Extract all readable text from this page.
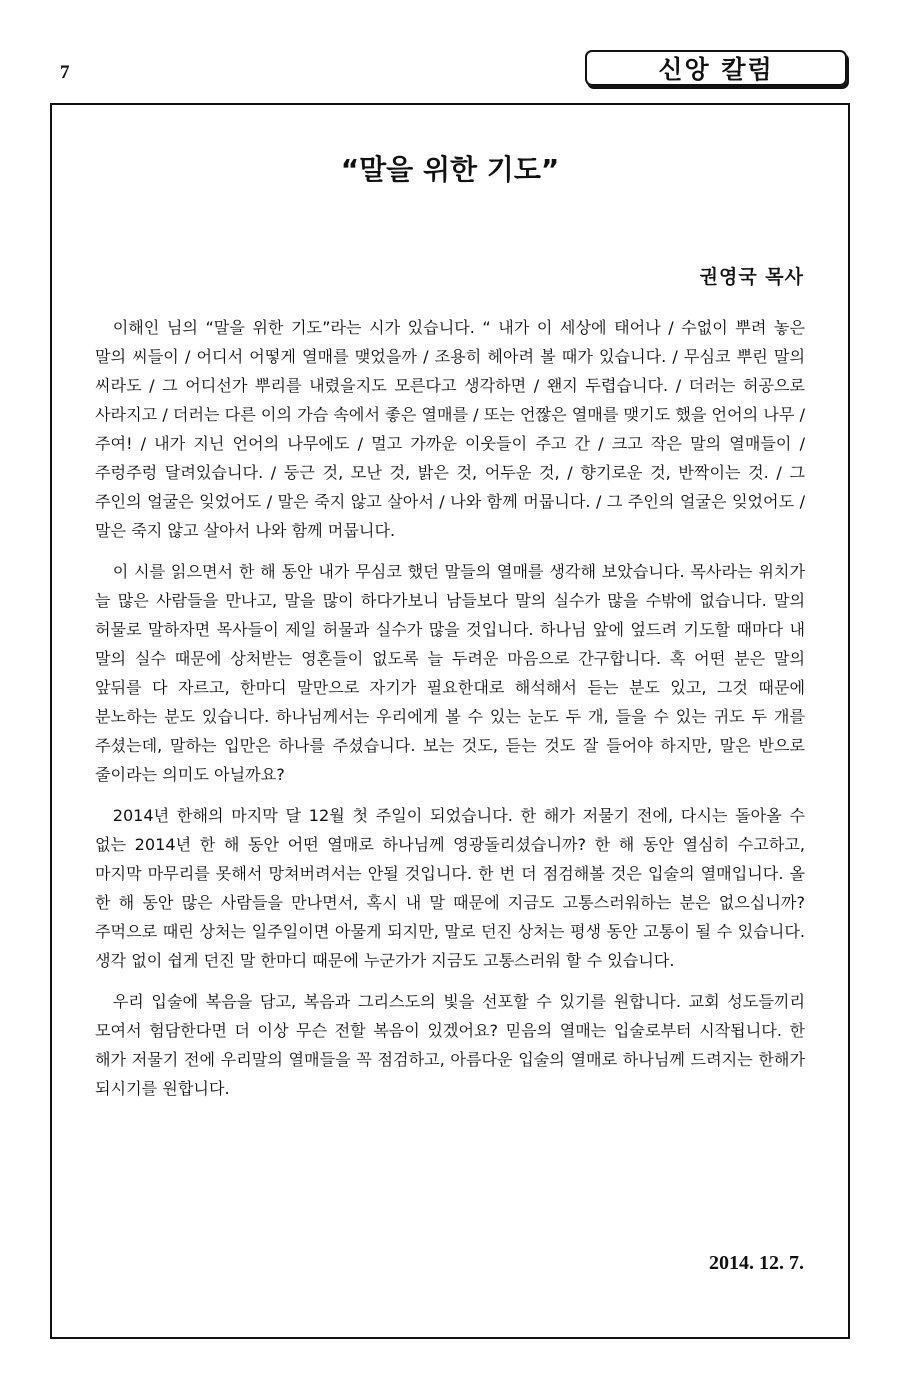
7	신앙 칼럼
“말을 위한 기도”
권영국 목사

이해인 님의 “말을 위한 기도”라는 시가 있습니다. “ 내가 이 세상에 태어나 / 수없이 뿌려 놓은 말의 씨들이 / 어디서 어떻게 열매를 맺었을까 / 조용히 헤아려 볼 때가 있습니다. / 무심코 뿌린 말의 씨라도 / 그 어디선가 뿌리를 내렸을지도 모른다고 생각하면 / 왠지 두렵습니다. / 더러는 허공으로 사라지고 / 더러는 다른 이의 가슴 속에서 좋은 열매를 / 또는 언짢은 열매를 맺기도 했을 언어의 나무 / 주여! / 내가 지닌 언어의 나무에도 / 멀고 가까운 이웃들이 주고 간 / 크고 작은 말의 열매들이 /주렁주렁 달려있습니다. / 둥근 것, 모난 것, 밝은 것, 어두운 것, / 향기로운 것, 반짝이는 것. / 그 주인의 얼굴은 잊었어도 / 말은 죽지 않고 살아서 / 나와 함께 머뭅니다. / 그 주인의 얼굴은 잊었어도 / 말은 죽지 않고 살아서 나와 함께 머뭅니다.

이 시를 읽으면서 한 해 동안 내가 무심코 했던 말들의 열매를 생각해 보았습니다. 목사라는 위치가 늘 많은 사람들을 만나고, 말을 많이 하다가보니 남들보다 말의 실수가 많을 수밖에 없습니다. 말의 허물로 말하자면 목사들이 제일 허물과 실수가 많을 것입니다. 하나님 앞에 엎드려 기도할 때마다 내 말의 실수 때문에 상처받는 영혼들이 없도록 늘 두려운 마음으로 간구합니다. 혹 어떤 분은 말의 앞뒤를 다 자르고, 한마디 말만으로 자기가 필요한대로 해석해서 듣는 분도 있고, 그것 때문에 분노하는 분도 있습니다. 하나님께서는 우리에게 볼 수 있는 눈도 두 개, 들을 수 있는 귀도 두 개를 주셨는데, 말하는 입만은 하나를 주셨습니다. 보는 것도, 듣는 것도 잘 들어야 하지만, 말은 반으로 줄이라는 의미도 아닐까요?

2014년 한해의 마지막 달 12월 첫 주일이 되었습니다. 한 해가 저물기 전에, 다시는 돌아올 수 없는 2014년 한 해 동안 어떤 열매로 하나님께 영광돌리셨습니까? 한 해 동안 열심히 수고하고, 마지막 마무리를 못해서 망쳐버려서는 안될 것입니다. 한 번 더 점검해볼 것은 입술의 열매입니다. 올 한 해 동안 많은 사람들을 만나면서, 혹시 내 말 때문에 지금도 고통스러워하는 분은 없으십니까? 주먹으로 때린 상처는 일주일이면 아물게 되지만, 말로 던진 상처는 평생 동안 고통이 될 수 있습니다. 생각 없이 쉽게 던진 말 한마디 때문에 누군가가 지금도 고통스러워 할 수 있습니다.

우리 입술에 복음을 담고, 복음과 그리스도의 빛을 선포할 수 있기를 원합니다. 교회 성도들끼리 모여서 험담한다면 더 이상 무슨 전할 복음이 있겠어요? 믿음의 열매는 입술로부터 시작됩니다. 한 해가 저물기 전에 우리말의 열매들을 꼭 점검하고, 아름다운 입술의 열매로 하나님께 드려지는 한해가 되시기를 원합니다.

2014. 12. 7.
